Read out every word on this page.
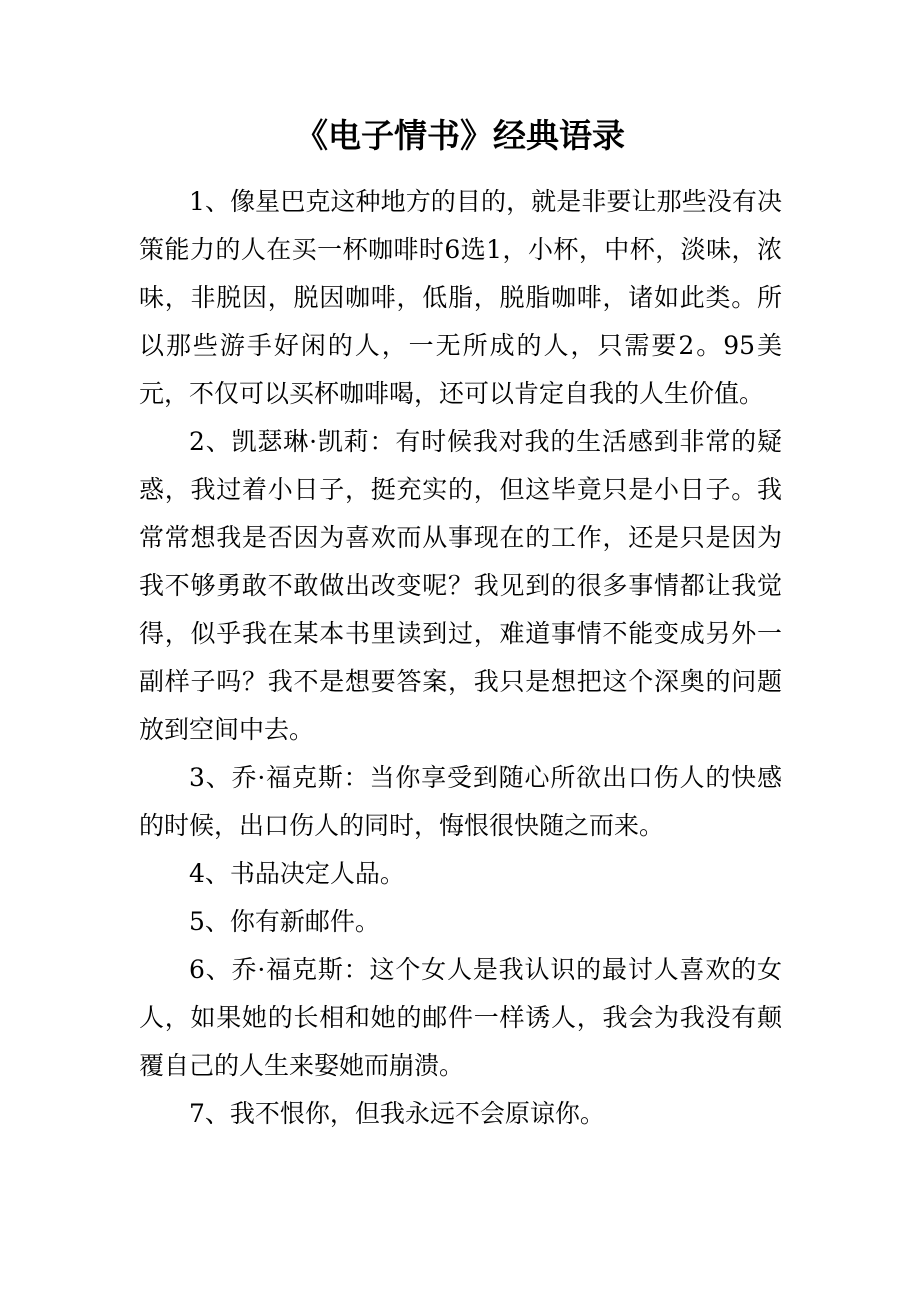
《电子情书》经典语录

1、像星巴克这种地方的目的，就是非要让那些没有决策能力的人在买一杯咖啡时6选1，小杯，中杯，淡味，浓味，非脱因，脱因咖啡，低脂，脱脂咖啡，诸如此类。所以那些游手好闲的人，一无所成的人，只需要2。95美元，不仅可以买杯咖啡喝，还可以肯定自我的人生价值。

2、凯瑟琳·凯莉：有时候我对我的生活感到非常的疑惑，我过着小日子，挺充实的，但这毕竟只是小日子。我常常想我是否因为喜欢而从事现在的工作，还是只是因为我不够勇敢不敢做出改变呢？我见到的很多事情都让我觉得，似乎我在某本书里读到过，难道事情不能变成另外一副样子吗？我不是想要答案，我只是想把这个深奥的问题放到空间中去。

3、乔·福克斯：当你享受到随心所欲出口伤人的快感的时候，出口伤人的同时，悔恨很快随之而来。

4、书品决定人品。

5、你有新邮件。

6、乔·福克斯：这个女人是我认识的最讨人喜欢的女人，如果她的长相和她的邮件一样诱人，我会为我没有颠覆自己的人生来娶她而崩溃。

7、我不恨你，但我永远不会原谅你。
